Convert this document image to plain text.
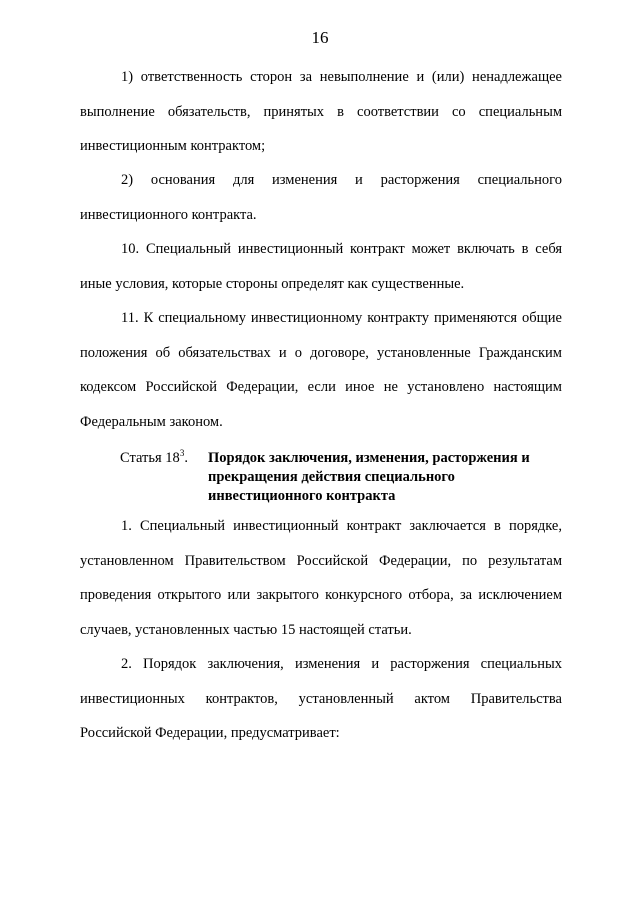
16

1) ответственность сторон за невыполнение и (или) ненадлежащее выполнение обязательств, принятых в соответствии со специальным инвестиционным контрактом;

2) основания для изменения и расторжения специального инвестиционного контракта.

10. Специальный инвестиционный контракт может включать в себя иные условия, которые стороны определят как существенные.

11. К специальному инвестиционному контракту применяются общие положения об обязательствах и о договоре, установленные Гражданским кодексом Российской Федерации, если иное не установлено настоящим Федеральным законом.

Статья $18^3$. Порядок заключения, изменения, расторжения и прекращения действия специального инвестиционного контракта

1. Специальный инвестиционный контракт заключается в порядке, установленном Правительством Российской Федерации, по результатам проведения открытого или закрытого конкурсного отбора, за исключением случаев, установленных частью 15 настоящей статьи.

2. Порядок заключения, изменения и расторжения специальных инвестиционных контрактов, установленный актом Правительства Российской Федерации, предусматривает:
